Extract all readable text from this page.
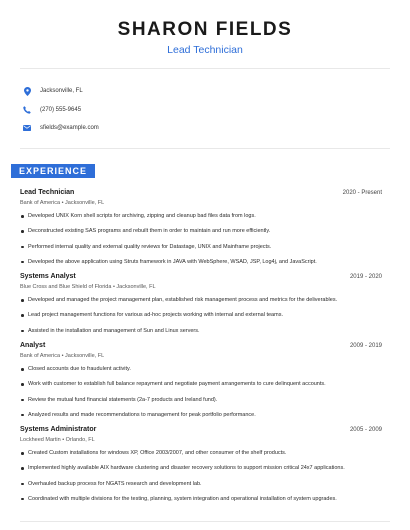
SHARON FIELDS
Lead Technician
Jacksonville, FL
(270) 555-9645
sfields@example.com
EXPERIENCE
Lead Technician	2020 - Present
Bank of America • Jacksonville, FL
Developed UNIX Korn shell scripts for archiving, zipping and cleanup bad files data from logs.
Deconstructed existing SAS programs and rebuilt them in order to maintain and run more efficiently.
Performed internal quality and external quality reviews for Datastage, UNIX and Mainframe projects.
Developed the above application using Struts framework in JAVA with WebSphere, WSAD, JSP, Log4j, and JavaScript.
Systems Analyst	2019 - 2020
Blue Cross and Blue Shield of Florida • Jacksonville, FL
Developed and managed the project management plan, established risk management process and metrics for the deliverables.
Lead project management functions for various ad-hoc projects working with internal and external teams.
Assisted in the installation and management of Sun and Linux servers.
Analyst	2009 - 2019
Bank of America • Jacksonville, FL
Closed accounts due to fraudulent activity.
Work with customer to establish full balance repayment and negotiate payment arrangements to cure delinquent accounts.
Review the mutual fund financial statements (2a-7 products and Ireland fund).
Analyzed results and made recommendations to management for peak portfolio performance.
Systems Administrator	2005 - 2009
Lockheed Martin • Orlando, FL
Created Custom installations for windows XP, Office 2003/2007, and other consumer of the shelf products.
Implemented highly available AIX hardware clustering and disaster recovery solutions to support mission critical 24x7 applications.
Overhauled backup process for NGATS research and development lab.
Coordinated with multiple divisions for the testing, planning, system integration and operational installation of system upgrades.
